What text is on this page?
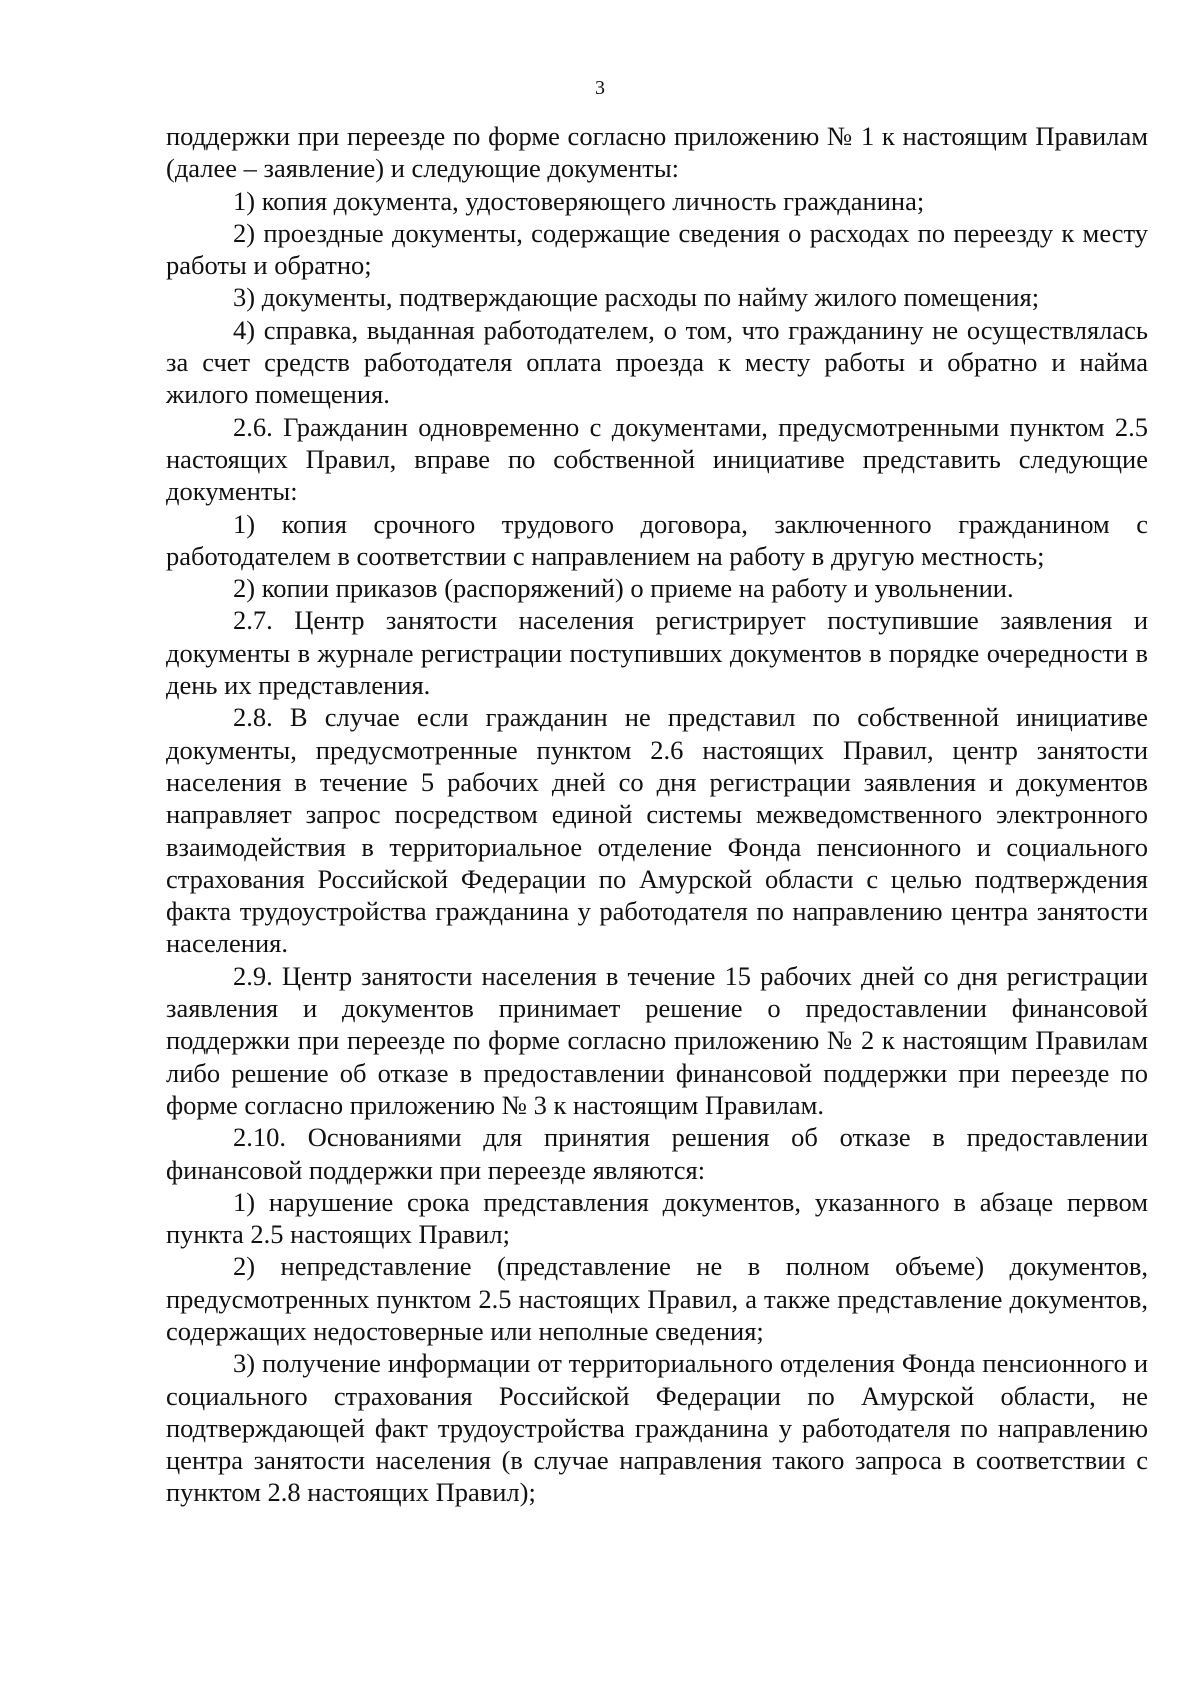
3

поддержки при переезде по форме согласно приложению № 1 к настоящим Правилам (далее – заявление) и следующие документы:

1) копия документа, удостоверяющего личность гражданина;

2) проездные документы, содержащие сведения о расходах по переезду к месту работы и обратно;

3) документы, подтверждающие расходы по найму жилого помещения;

4) справка, выданная работодателем, о том, что гражданину не осуществлялась за счет средств работодателя оплата проезда к месту работы и обратно и найма жилого помещения.

2.6. Гражданин одновременно с документами, предусмотренными пунктом 2.5 настоящих Правил, вправе по собственной инициативе представить следующие документы:

1) копия срочного трудового договора, заключенного гражданином с работодателем в соответствии с направлением на работу в другую местность;

2) копии приказов (распоряжений) о приеме на работу и увольнении.

2.7. Центр занятости населения регистрирует поступившие заявления и документы в журнале регистрации поступивших документов в порядке очередности в день их представления.

2.8. В случае если гражданин не представил по собственной инициативе документы, предусмотренные пунктом 2.6 настоящих Правил, центр занятости населения в течение 5 рабочих дней со дня регистрации заявления и документов направляет запрос посредством единой системы межведомственного электронного взаимодействия в территориальное отделение Фонда пенсионного и социального страхования Российской Федерации по Амурской области с целью подтверждения факта трудоустройства гражданина у работодателя по направлению центра занятости населения.

2.9. Центр занятости населения в течение 15 рабочих дней со дня регистрации заявления и документов принимает решение о предоставлении финансовой поддержки при переезде по форме согласно приложению № 2 к настоящим Правилам либо решение об отказе в предоставлении финансовой поддержки при переезде по форме согласно приложению № 3 к настоящим Правилам.

2.10. Основаниями для принятия решения об отказе в предоставлении финансовой поддержки при переезде являются:

1) нарушение срока представления документов, указанного в абзаце первом пункта 2.5 настоящих Правил;

2) непредставление (представление не в полном объеме) документов, предусмотренных пунктом 2.5 настоящих Правил, а также представление документов, содержащих недостоверные или неполные сведения;

3) получение информации от территориального отделения Фонда пенсионного и социального страхования Российской Федерации по Амурской области, не подтверждающей факт трудоустройства гражданина у работодателя по направлению центра занятости населения (в случае направления такого запроса в соответствии с пунктом 2.8 настоящих Правил);
